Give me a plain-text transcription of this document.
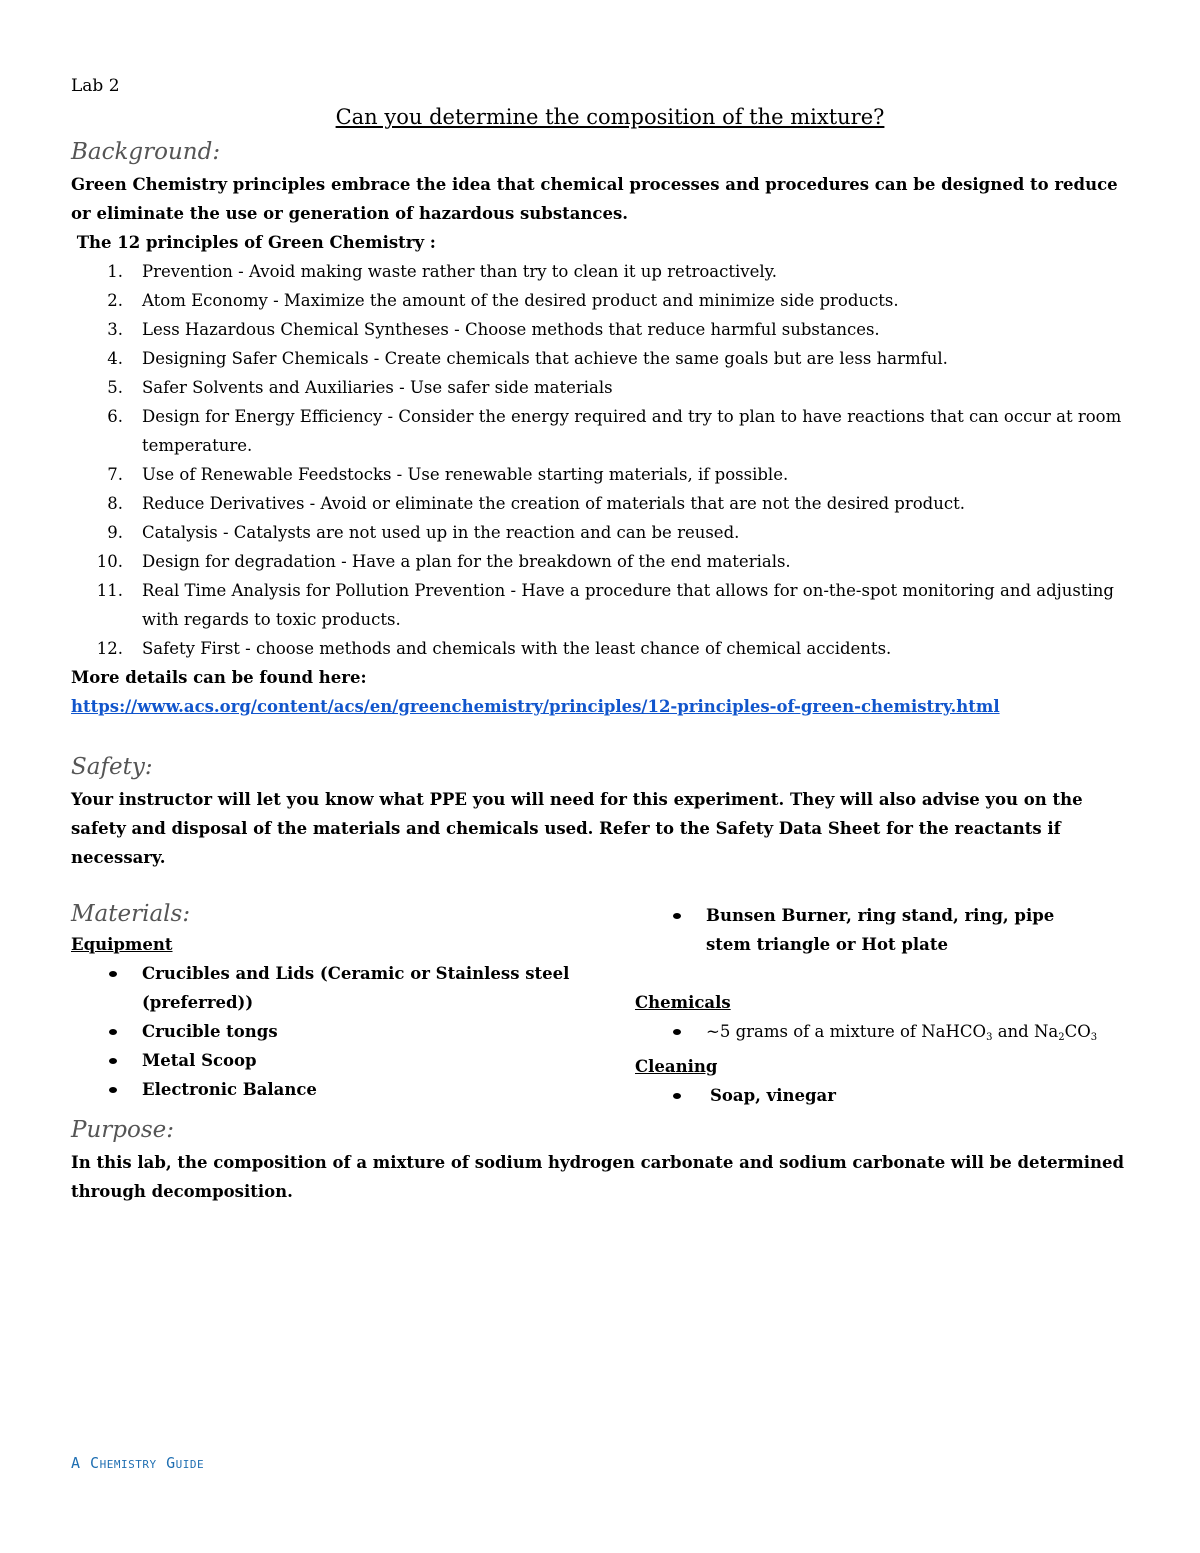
Lab 2
Can you determine the composition of the mixture?
Background:
Green Chemistry principles embrace the idea that chemical processes and procedures can be designed to reduce or eliminate the use or generation of hazardous substances.
The 12 principles of Green Chemistry :
1. Prevention - Avoid making waste rather than try to clean it up retroactively.
2. Atom Economy - Maximize the amount of the desired product and minimize side products.
3. Less Hazardous Chemical Syntheses - Choose methods that reduce harmful substances.
4. Designing Safer Chemicals - Create chemicals that achieve the same goals but are less harmful.
5. Safer Solvents and Auxiliaries - Use safer side materials
6. Design for Energy Efficiency - Consider the energy required and try to plan to have reactions that can occur at room temperature.
7. Use of Renewable Feedstocks - Use renewable starting materials, if possible.
8. Reduce Derivatives - Avoid or eliminate the creation of materials that are not the desired product.
9. Catalysis - Catalysts are not used up in the reaction and can be reused.
10. Design for degradation - Have a plan for the breakdown of the end materials.
11. Real Time Analysis for Pollution Prevention - Have a procedure that allows for on-the-spot monitoring and adjusting with regards to toxic products.
12. Safety First - choose methods and chemicals with the least chance of chemical accidents.
More details can be found here:
https://www.acs.org/content/acs/en/greenchemistry/principles/12-principles-of-green-chemistry.html
Safety:
Your instructor will let you know what PPE you will need for this experiment. They will also advise you on the safety and disposal of the materials and chemicals used. Refer to the Safety Data Sheet for the reactants if necessary.
Materials:
Equipment
Crucibles and Lids (Ceramic or Stainless steel (preferred))
Crucible tongs
Metal Scoop
Electronic Balance
Bunsen Burner, ring stand, ring, pipe stem triangle or Hot plate
Chemicals
~5 grams of a mixture of NaHCO$_3$ and $Na_2CO_3$
Cleaning
Soap, vinegar
Purpose:
In this lab, the composition of a mixture of sodium hydrogen carbonate and sodium carbonate will be determined through decomposition.
A Chemistry Guide
